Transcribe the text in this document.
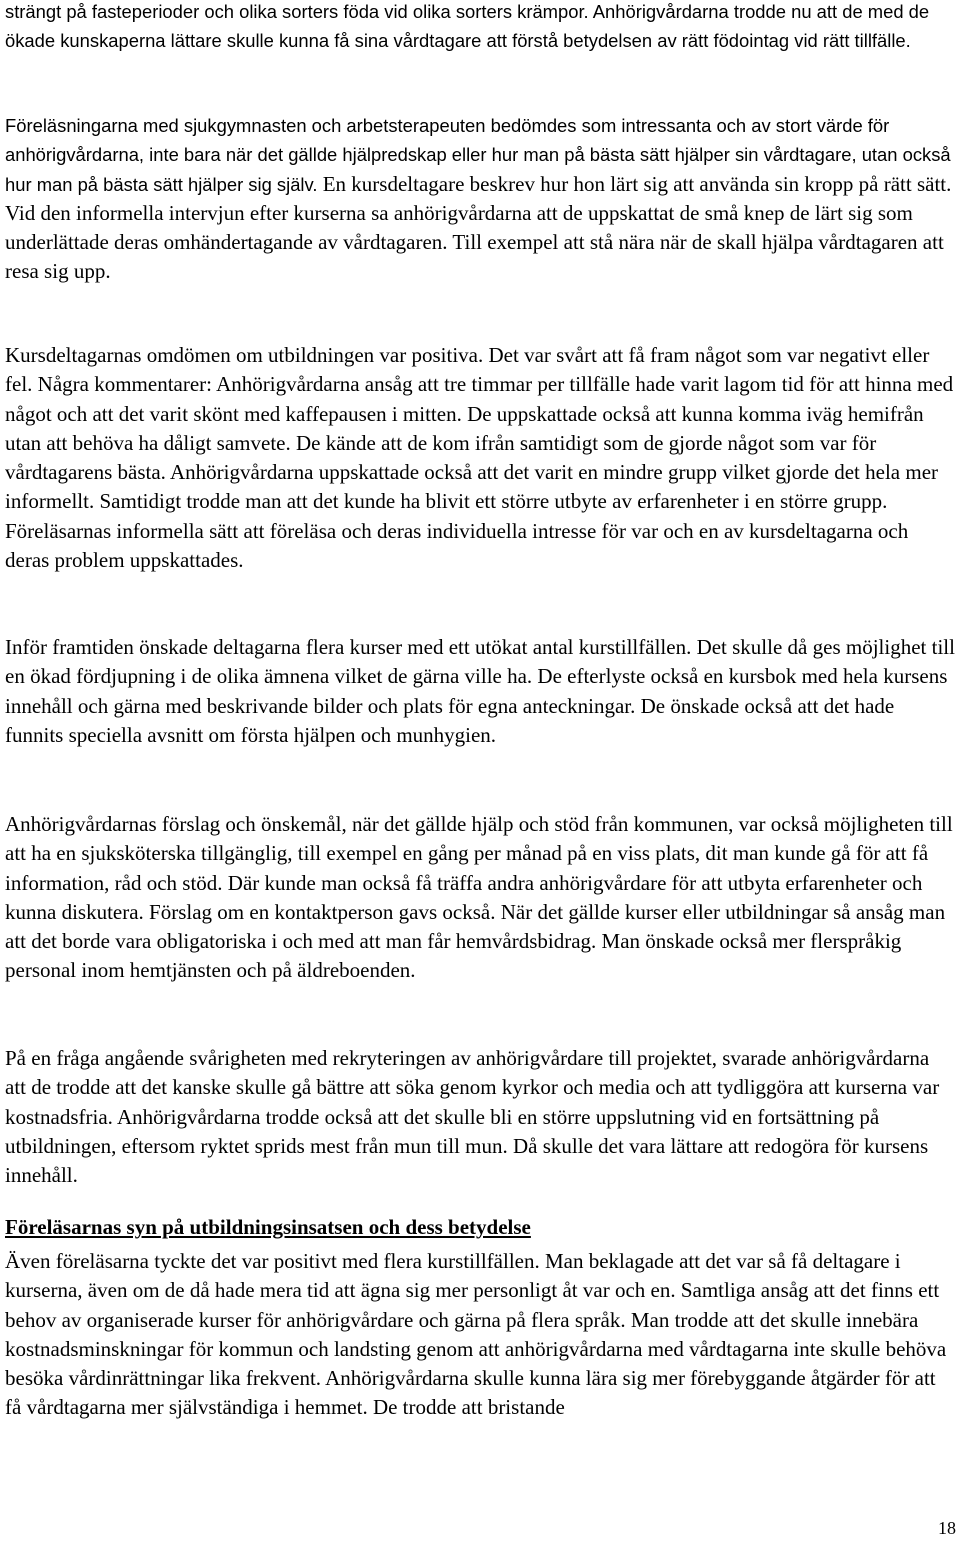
strängt på fasteperioder och olika sorters föda vid olika sorters krämpor. Anhörigvårdarna trodde nu att de med de ökade kunskaperna lättare skulle kunna få sina vårdtagare att förstå betydelsen av rätt födointag vid rätt tillfälle.

Föreläsningarna med sjukgymnasten och arbetsterapeuten bedömdes som intressanta och av stort värde för anhörigvårdarna, inte bara när det gällde hjälpredskap eller hur man på bästa sätt hjälper sin vårdtagare, utan också hur man på bästa sätt hjälper sig själv. En kursdeltagare beskrev hur hon lärt sig att använda sin kropp på rätt sätt. Vid den informella intervjun efter kurserna sa anhörigvårdarna att de uppskattat de små knep de lärt sig som underlättade deras omhändertagande av vårdtagaren. Till exempel att stå nära när de skall hjälpa vårdtagaren att resa sig upp.

Kursdeltagarnas omdömen om utbildningen var positiva. Det var svårt att få fram något som var negativt eller fel. Några kommentarer: Anhörigvårdarna ansåg att tre timmar per tillfälle hade varit lagom tid för att hinna med något och att det varit skönt med kaffepausen i mitten. De uppskattade också att kunna komma iväg hemifrån utan att behöva ha dåligt samvete. De kände att de kom ifrån samtidigt som de gjorde något som var för vårdtagarens bästa. Anhörigvårdarna uppskattade också att det varit en mindre grupp vilket gjorde det hela mer informellt. Samtidigt trodde man att det kunde ha blivit ett större utbyte av erfarenheter i en större grupp. Föreläsarnas informella sätt att föreläsa och deras individuella intresse för var och en av kursdeltagarna och deras problem uppskattades.

Inför framtiden önskade deltagarna flera kurser med ett utökat antal kurstillfällen. Det skulle då ges möjlighet till en ökad fördjupning i de olika ämnena vilket de gärna ville ha. De efterlyste också en kursbok med hela kursens innehåll och gärna med beskrivande bilder och plats för egna anteckningar. De önskade också att det hade funnits speciella avsnitt om första hjälpen och munhygien.

Anhörigvårdarnas förslag och önskemål, när det gällde hjälp och stöd från kommunen, var också möjligheten till att ha en sjuksköterska tillgänglig, till exempel en gång per månad på en viss plats, dit man kunde gå för att få information, råd och stöd. Där kunde man också få träffa andra anhörigvårdare för att utbyta erfarenheter och kunna diskutera. Förslag om en kontaktperson gavs också. När det gällde kurser eller utbildningar så ansåg man att det borde vara obligatoriska i och med att man får hemvårdsbidrag. Man önskade också mer flerspråkig personal inom hemtjänsten och på äldreboenden.

På en fråga angående svårigheten med rekryteringen av anhörigvårdare till projektet, svarade anhörigvårdarna att de trodde att det kanske skulle gå bättre att söka genom kyrkor och media och att tydliggöra att kurserna var kostnadsfria. Anhörigvårdarna trodde också att det skulle bli en större uppslutning vid en fortsättning på utbildningen, eftersom ryktet sprids mest från mun till mun. Då skulle det vara lättare att redogöra för kursens innehåll.

Föreläsarnas syn på utbildningsinsatsen och dess betydelse

Även föreläsarna tyckte det var positivt med flera kurstillfällen. Man beklagade att det var så få deltagare i kurserna, även om de då hade mera tid att ägna sig mer personligt åt var och en. Samtliga ansåg att det finns ett behov av organiserade kurser för anhörigvårdare och gärna på flera språk. Man trodde att det skulle innebära kostnadsminskningar för kommun och landsting genom att anhörigvårdarna med vårdtagarna inte skulle behöva besöka vårdinrättningar lika frekvent. Anhörigvårdarna skulle kunna lära sig mer förebyggande åtgärder för att få vårdtagarna mer självständiga i hemmet. De trodde att bristande

18
